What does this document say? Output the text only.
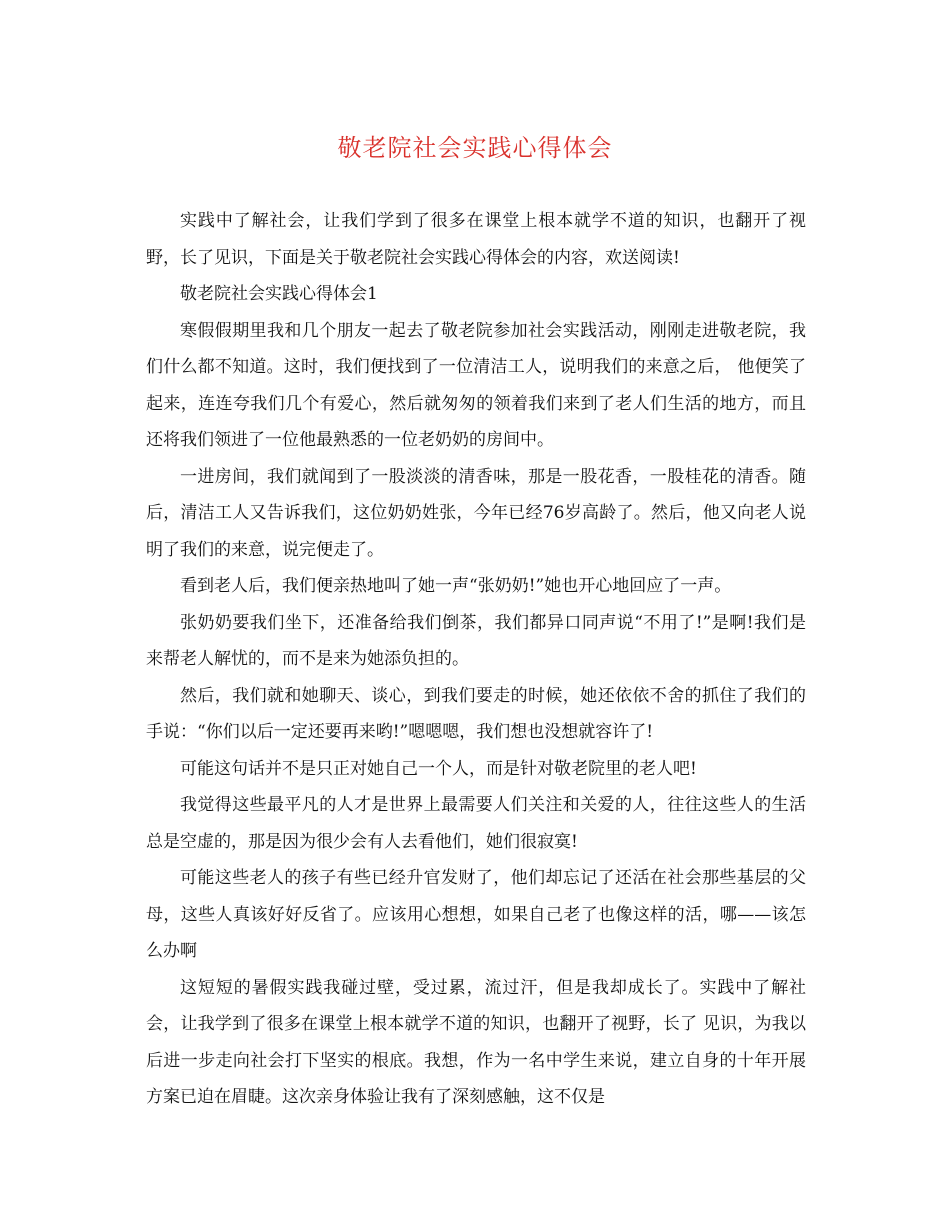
敬老院社会实践心得体会

实践中了解社会，让我们学到了很多在课堂上根本就学不道的知识，也翻开了视野，长了见识，下面是关于敬老院社会实践心得体会的内容，欢送阅读!

敬老院社会实践心得体会1

寒假假期里我和几个朋友一起去了敬老院参加社会实践活动，刚刚走进敬老院，我们什么都不知道。这时，我们便找到了一位清洁工人，说明我们的来意之后， 他便笑了起来，连连夸我们几个有爱心，然后就匆匆的领着我们来到了老人们生活的地方，而且还将我们领进了一位他最熟悉的一位老奶奶的房间中。

一进房间，我们就闻到了一股淡淡的清香味，那是一股花香，一股桂花的清香。随后，清洁工人又告诉我们，这位奶奶姓张，今年已经76岁高龄了。然后，他又向老人说明了我们的来意，说完便走了。

看到老人后，我们便亲热地叫了她一声“张奶奶!”她也开心地回应了一声。

张奶奶要我们坐下，还准备给我们倒茶，我们都异口同声说“不用了!”是啊!我们是来帮老人解忧的，而不是来为她添负担的。

然后，我们就和她聊天、谈心，到我们要走的时候，她还依依不舍的抓住了我们的手说：“你们以后一定还要再来哟!”嗯嗯嗯，我们想也没想就容许了!

可能这句话并不是只正对她自己一个人，而是针对敬老院里的老人吧!

我觉得这些最平凡的人才是世界上最需要人们关注和关爱的人，往往这些人的生活总是空虚的，那是因为很少会有人去看他们，她们很寂寞!

可能这些老人的孩子有些已经升官发财了，他们却忘记了还活在社会那些基层的父母，这些人真该好好反省了。应该用心想想，如果自己老了也像这样的活，哪——该怎么办啊

这短短的暑假实践我碰过壁，受过累，流过汗，但是我却成长了。实践中了解社会，让我学到了很多在课堂上根本就学不道的知识，也翻开了视野，长了 见识，为我以后进一步走向社会打下坚实的根底。我想，作为一名中学生来说，建立自身的十年开展方案已迫在眉睫。这次亲身体验让我有了深刻感触，这不仅是
